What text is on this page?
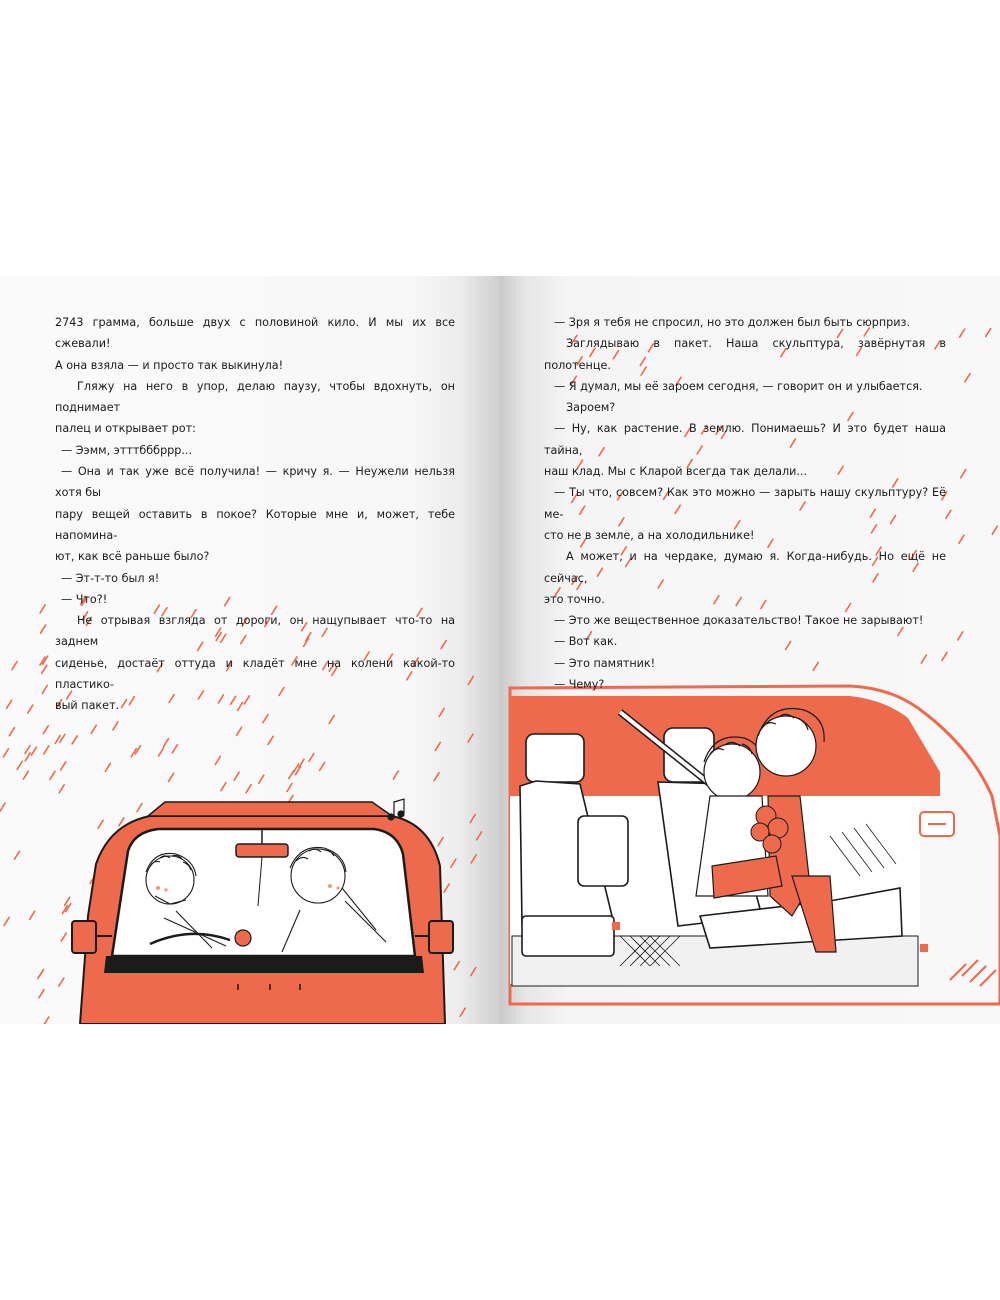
2743 грамма, больше двух с половиной кило. И мы их все сжевали!

А она взяла — и просто так выкинула!

Гляжу на него в упор, делаю паузу, чтобы вдохнуть, он поднимает

палец и открывает рот:

— Ээмм, этттбббррр...

— Она и так уже всё получила! — кричу я. — Неужели нельзя хотя бы

пару вещей оставить в покое? Которые мне и, может, тебе напомина-

ют, как всё раньше было?

— Эт-т-то был я!

— Что?!

Не отрывая взгляда от дороги, он нащупывает что-то на заднем

сиденье, достаёт оттуда и кладёт мне на колени какой-то пластико-

вый пакет.

— Зря я тебя не спросил, но это должен был быть сюрприз.

Заглядываю в пакет. Наша скульптура, завёрнутая в полотенце.

— Я думал, мы её зароем сегодня, — говорит он и улыбается.

Зароем?

— Ну, как растение. В землю. Понимаешь? И это будет наша тайна,

наш клад. Мы с Кларой всегда так делали...

— Ты что, совсем? Как это можно — зарыть нашу скульптуру? Её ме-

сто не в земле, а на холодильнике!

А может, и на чердаке, думаю я. Когда-нибудь. Но ещё не сейчас,

это точно.

— Это же вещественное доказательство! Такое не зарывают!

— Вот как.

— Это памятник!

— Чему?
